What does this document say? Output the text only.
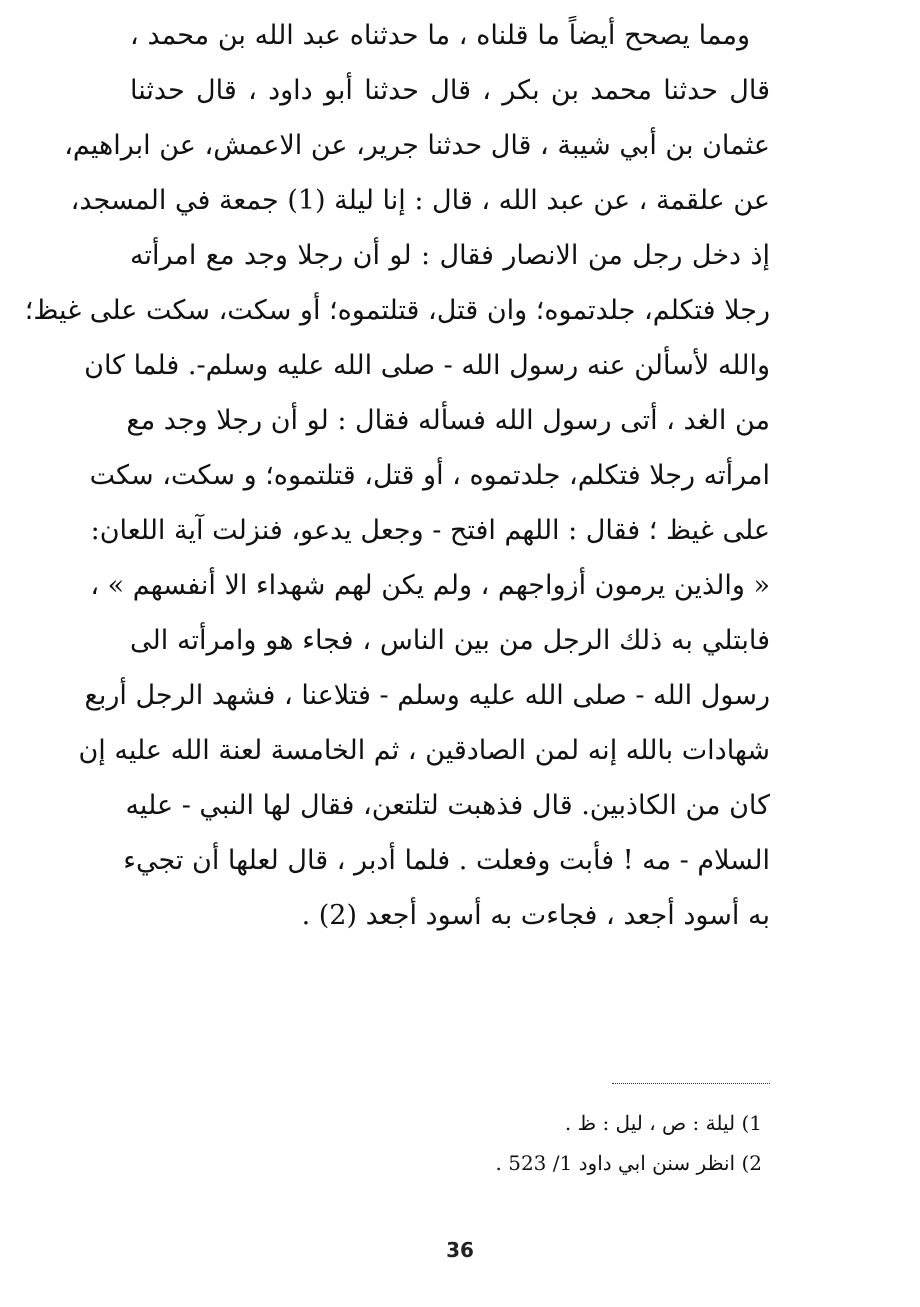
ومما يصحح أيضاً ما قلناه ، ما حدثناه عبد الله بن محمد ،
قال حدثنا محمد بن بكر ، قال حدثنا أبو داود ، قال حدثنا
عثمان بن أبي شيبة ، قال حدثنا جرير، عن الاعمش، عن ابراهيم،
عن علقمة ، عن عبد الله ، قال : إنا ليلة (1) جمعة في المسجد،
إذ دخل رجل من الانصار فقال : لو أن رجلا وجد مع امرأته
رجلا فتكلم، جلدتموه؛ وان قتل، قتلتموه؛ أو سكت، سكت على غيظ؛
والله لأسألن عنه رسول الله - صلى الله عليه وسلم-. فلما كان
من الغد ، أتى رسول الله فسأله فقال : لو أن رجلا وجد مع
امرأته رجلا فتكلم، جلدتموه ، أو قتل، قتلتموه؛ و سكت، سكت
على غيظ ؛ فقال : اللهم افتح - وجعل يدعو، فنزلت آية اللعان:
« والذين يرمون أزواجهم ، ولم يكن لهم شهداء الا أنفسهم » ،
فابتلي به ذلك الرجل من بين الناس ، فجاء هو وامرأته الى
رسول الله - صلى الله عليه وسلم - فتلاعنا ، فشهد الرجل أربع
شهادات بالله إنه لمن الصادقين ، ثم الخامسة لعنة الله عليه إن
كان من الكاذبين. قال فذهبت لتلتعن، فقال لها النبي - عليه
السلام - مه ! فأبت وفعلت . فلما أدبر ، قال لعلها أن تجيء
به أسود أجعد ، فجاءت به أسود أجعد (2) .
1) ليلة : ص ، ليل : ظ .
2) انظر سنن ابي داود 1/ 523 .
36
